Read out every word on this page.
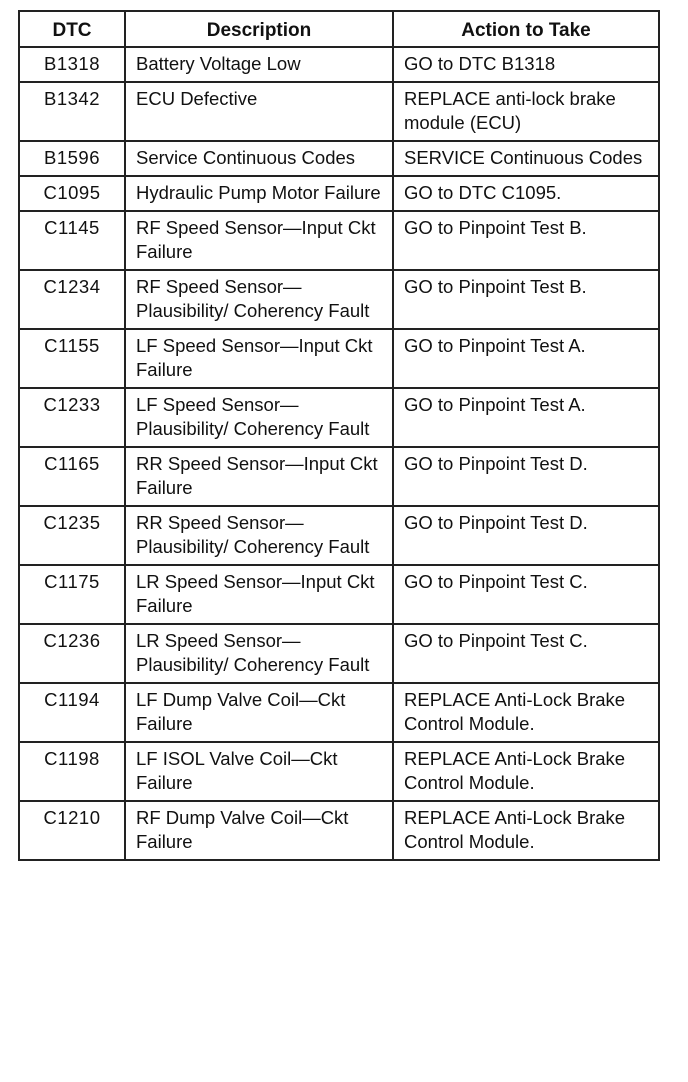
DTC	Description	Action to Take
B1318	Battery Voltage Low	GO to DTC B1318
B1342	ECU Defective	REPLACE anti-lock brake module (ECU)
B1596	Service Continuous Codes	SERVICE Continuous Codes
C1095	Hydraulic Pump Motor Failure	GO to DTC C1095.
C1145	RF Speed Sensor—Input Ckt Failure	GO to Pinpoint Test B.
C1234	RF Speed Sensor—Plausibility/ Coherency Fault	GO to Pinpoint Test B.
C1155	LF Speed Sensor—Input Ckt Failure	GO to Pinpoint Test A.
C1233	LF Speed Sensor—Plausibility/ Coherency Fault	GO to Pinpoint Test A.
C1165	RR Speed Sensor—Input Ckt Failure	GO to Pinpoint Test D.
C1235	RR Speed Sensor—Plausibility/ Coherency Fault	GO to Pinpoint Test D.
C1175	LR Speed Sensor—Input Ckt Failure	GO to Pinpoint Test C.
C1236	LR Speed Sensor—Plausibility/ Coherency Fault	GO to Pinpoint Test C.
C1194	LF Dump Valve Coil—Ckt Failure	REPLACE Anti-Lock Brake Control Module.
C1198	LF ISOL Valve Coil—Ckt Failure	REPLACE Anti-Lock Brake Control Module.
C1210	RF Dump Valve Coil—Ckt Failure	REPLACE Anti-Lock Brake Control Module.
